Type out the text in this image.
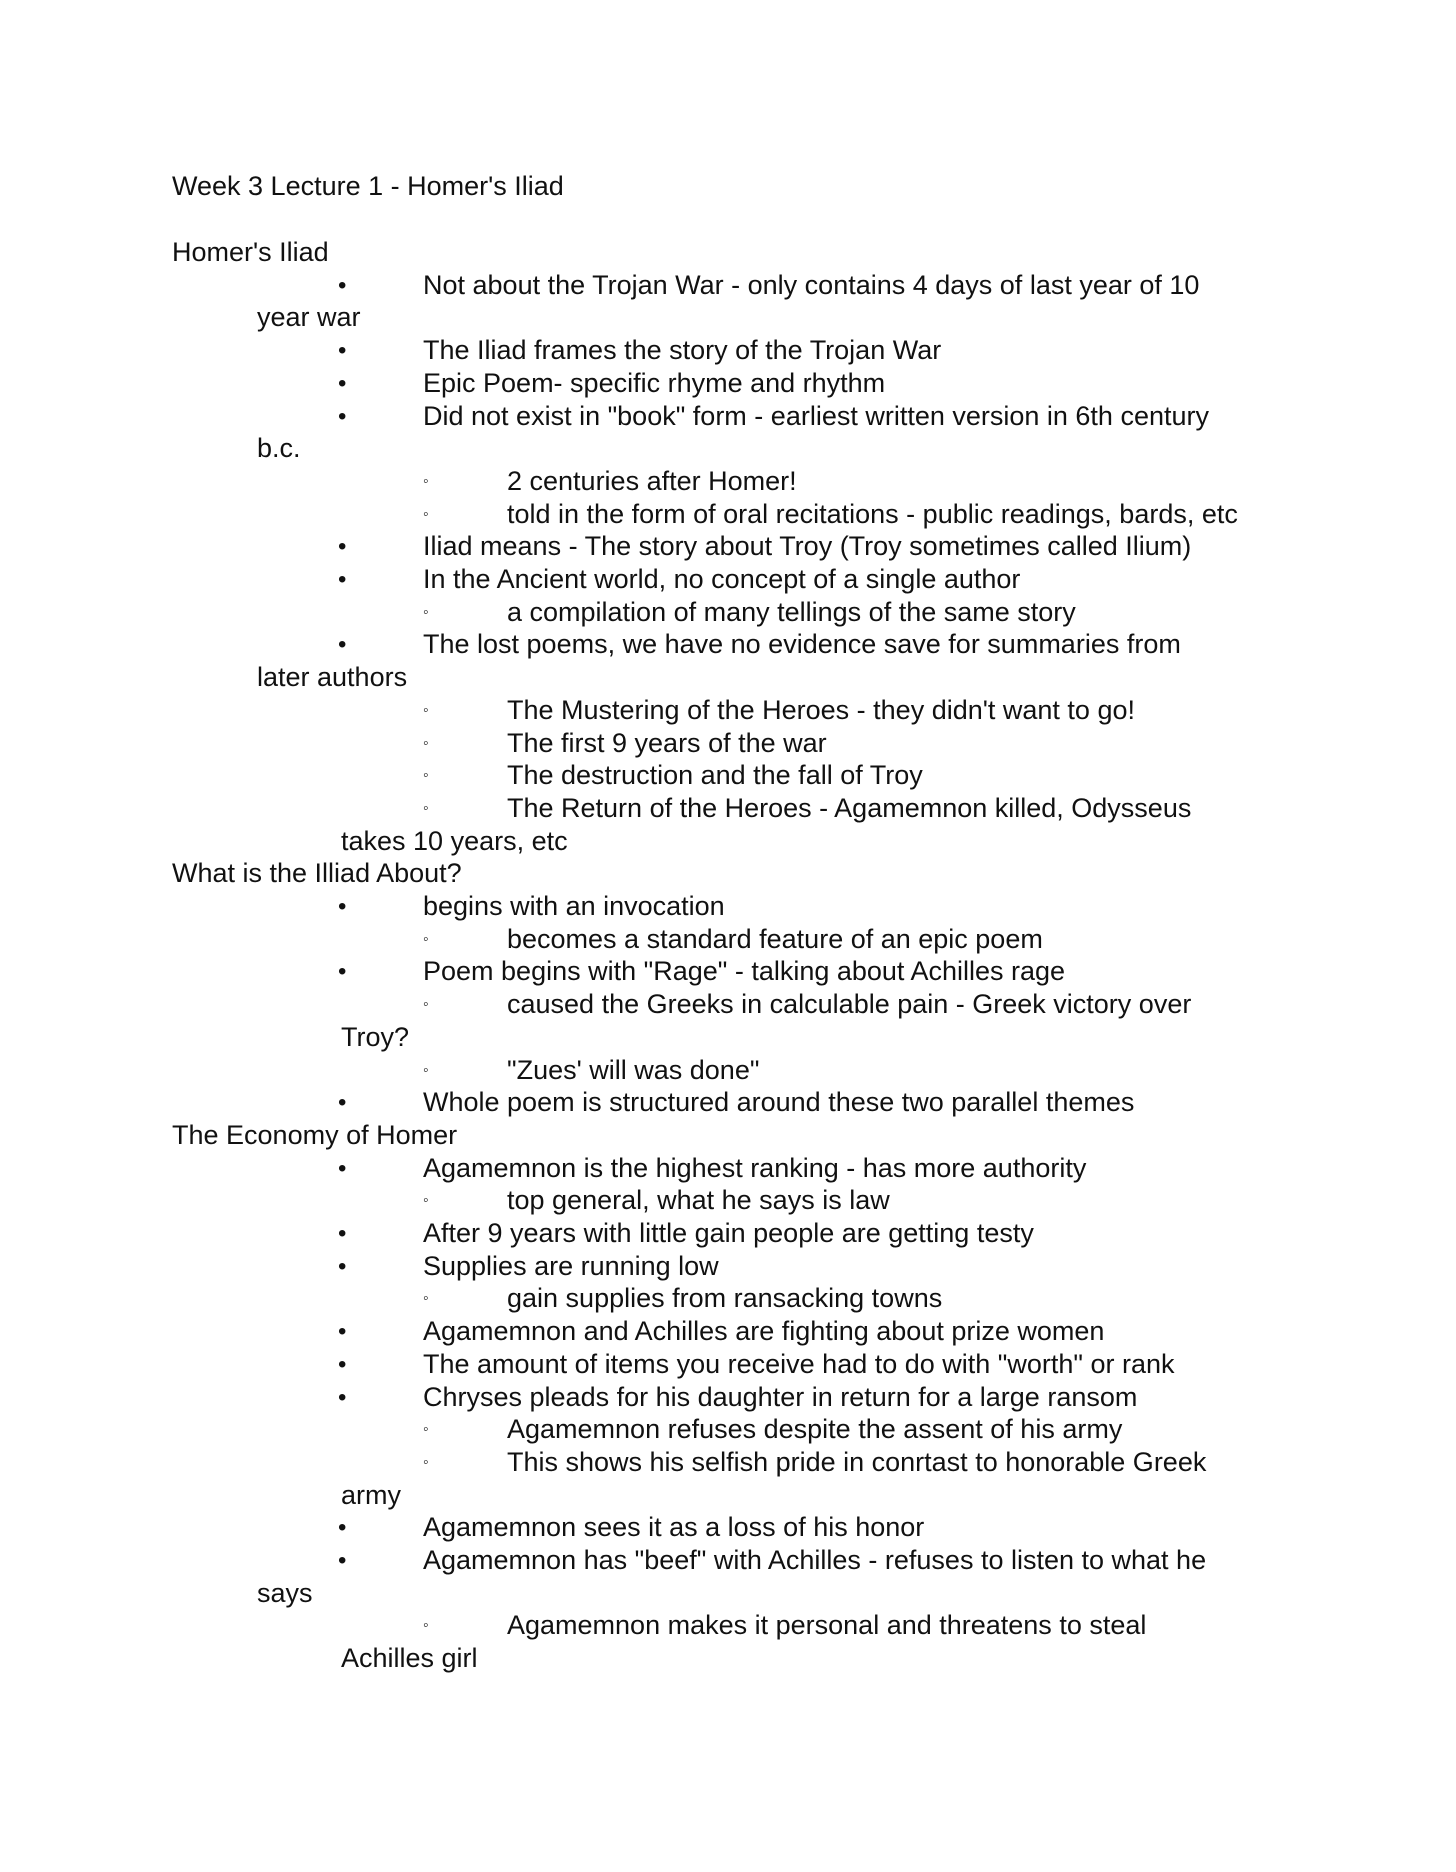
Week 3 Lecture 1 - Homer's Iliad
Homer's Iliad
•	Not about the Trojan War - only contains 4 days of last year of 10
year war
•	The Iliad frames the story of the Trojan War
•	Epic Poem- specific rhyme and rhythm
•	Did not exist in "book" form - earliest written version in 6th century
b.c.
◦	2 centuries after Homer!
◦	told in the form of oral recitations - public readings, bards, etc
•	Iliad means - The story about Troy (Troy sometimes called Ilium)
•	In the Ancient world, no concept of a single author
◦	a compilation of many tellings of the same story
•	The lost poems, we have no evidence save for summaries from
later authors
◦	The Mustering of the Heroes - they didn't want to go!
◦	The first 9 years of the war
◦	The destruction and the fall of Troy
◦	The Return of the Heroes - Agamemnon killed, Odysseus
takes 10 years, etc
What is the Illiad About?
•	begins with an invocation
◦	becomes a standard feature of an epic poem
•	Poem begins with "Rage" - talking about Achilles rage
◦	caused the Greeks in calculable pain - Greek victory over
Troy?
◦	"Zues' will was done"
•	Whole poem is structured around these two parallel themes
The Economy of Homer
•	Agamemnon is the highest ranking - has more authority
◦	top general, what he says is law
•	After 9 years with little gain people are getting testy
•	Supplies are running low
◦	gain supplies from ransacking towns
•	Agamemnon and Achilles are fighting about prize women
•	The amount of items you receive had to do with "worth" or rank
•	Chryses pleads for his daughter in return for a large ransom
◦	Agamemnon refuses despite the assent of his army
◦	This shows his selfish pride in conrtast to honorable Greek
army
•	Agamemnon sees it as a loss of his honor
•	Agamemnon has "beef" with Achilles - refuses to listen to what he
says
◦	Agamemnon makes it personal and threatens to steal
Achilles girl
